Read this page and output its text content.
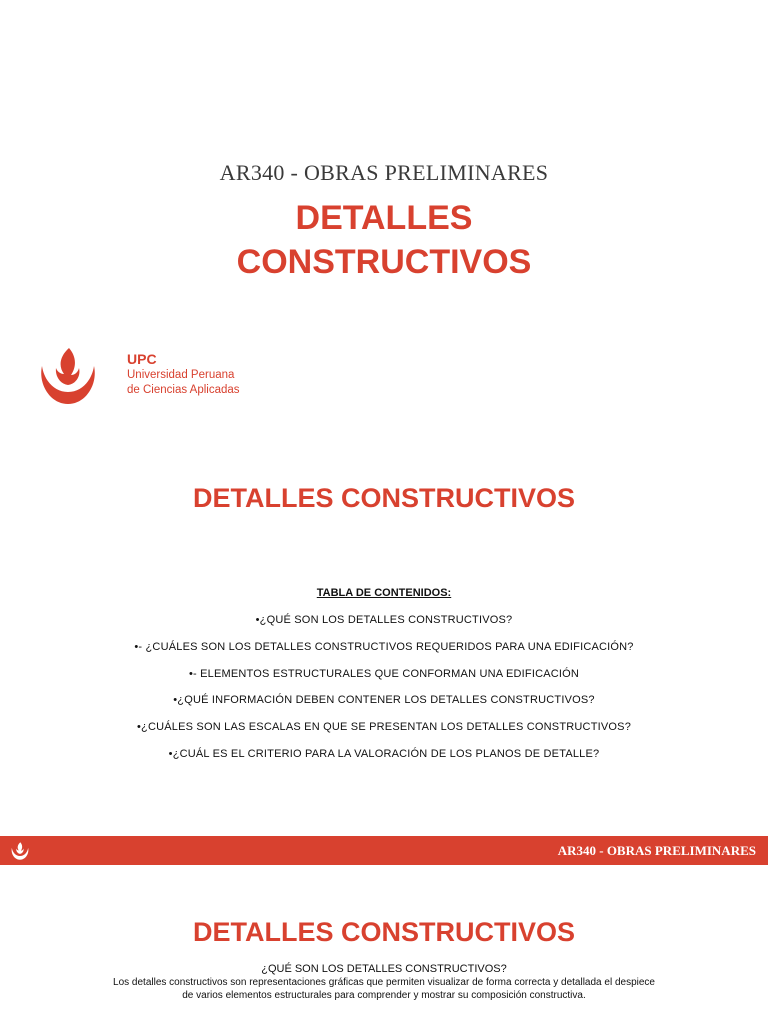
AR340 - OBRAS PRELIMINARES
DETALLES
CONSTRUCTIVOS
UPC
Universidad Peruana
de Ciencias Aplicadas
DETALLES CONSTRUCTIVOS
TABLA DE CONTENIDOS:
•¿QUÉ SON LOS DETALLES CONSTRUCTIVOS?
•- ¿CUÁLES SON LOS DETALLES CONSTRUCTIVOS REQUERIDOS PARA UNA EDIFICACIÓN?
•- ELEMENTOS ESTRUCTURALES QUE CONFORMAN UNA EDIFICACIÓN
•¿QUÉ INFORMACIÓN DEBEN CONTENER LOS DETALLES CONSTRUCTIVOS?
•¿CUÁLES SON LAS ESCALAS EN QUE SE PRESENTAN LOS DETALLES CONSTRUCTIVOS?
•¿CUÁL ES EL CRITERIO PARA LA VALORACIÓN DE LOS PLANOS DE DETALLE?
AR340 - OBRAS PRELIMINARES
DETALLES CONSTRUCTIVOS
¿QUÉ SON LOS DETALLES CONSTRUCTIVOS?
Los detalles constructivos son representaciones gráficas que permiten visualizar de forma correcta y detallada el despiece
de varios elementos estructurales para comprender y mostrar su composición constructiva.
